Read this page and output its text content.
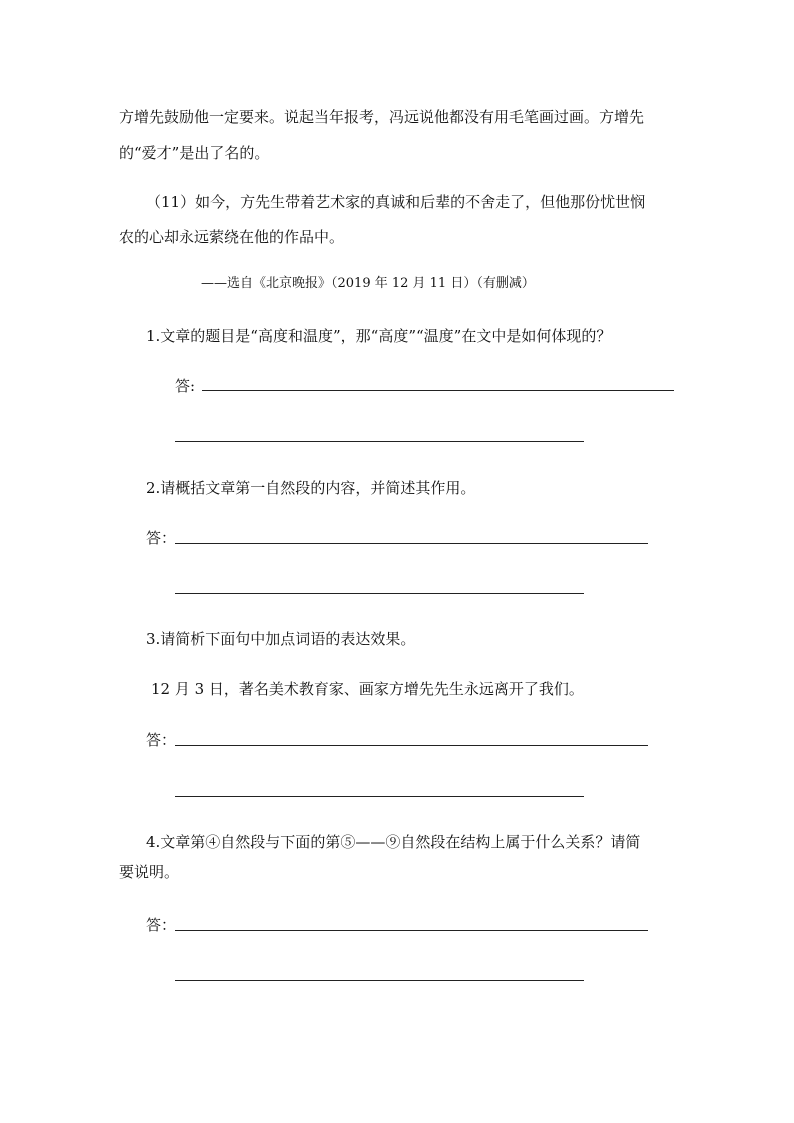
方增先鼓励他一定要来。说起当年报考，冯远说他都没有用毛笔画过画。方增先
的“爱才”是出了名的。
（11）如今，方先生带着艺术家的真诚和后辈的不舍走了，但他那份忧世悯
农的心却永远萦绕在他的作品中。
——选自《北京晚报》（2019 年 12 月 11 日）（有删减）
1.文章的题目是“高度和温度”，那“高度”“温度”在文中是如何体现的？
答:
2.请概括文章第一自然段的内容，并简述其作用。
答：
3.请简析下面句中加点词语的表达效果。
12 月 3 日，著名美术教育家、画家方增先先生永远离开了我们。
答：
4.文章第④自然段与下面的第⑤——⑨自然段在结构上属于什么关系？请简
要说明。
答：
